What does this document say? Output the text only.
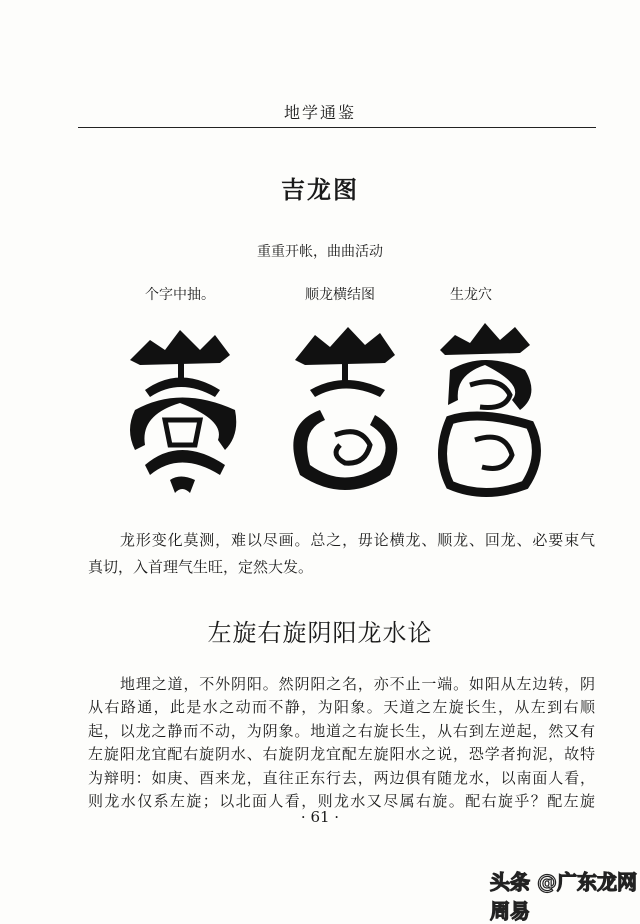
地学通鉴
吉龙图
重重开帐，曲曲活动
个字中抽。	顺龙横结图	生龙穴
龙形变化莫测，难以尽画。总之，毋论横龙、顺龙、回龙、必要束气
真切，入首理气生旺，定然大发。
左旋右旋阴阳龙水论
地理之道，不外阴阳。然阴阳之名，亦不止一端。如阳从左边转，阴
从右路通，此是水之动而不静，为阳象。天道之左旋长生，从左到右顺
起，以龙之静而不动，为阴象。地道之右旋长生，从右到左逆起，然又有
左旋阳龙宜配右旋阴水、右旋阴龙宜配左旋阳水之说，恐学者拘泥，故特
为辩明：如庚、酉来龙，直往正东行去，两边俱有随龙水，以南面人看，
则龙水仅系左旋；以北面人看，则龙水又尽属右旋。配右旋乎？配左旋
· 61 ·
头条 @广东龙网 周易
